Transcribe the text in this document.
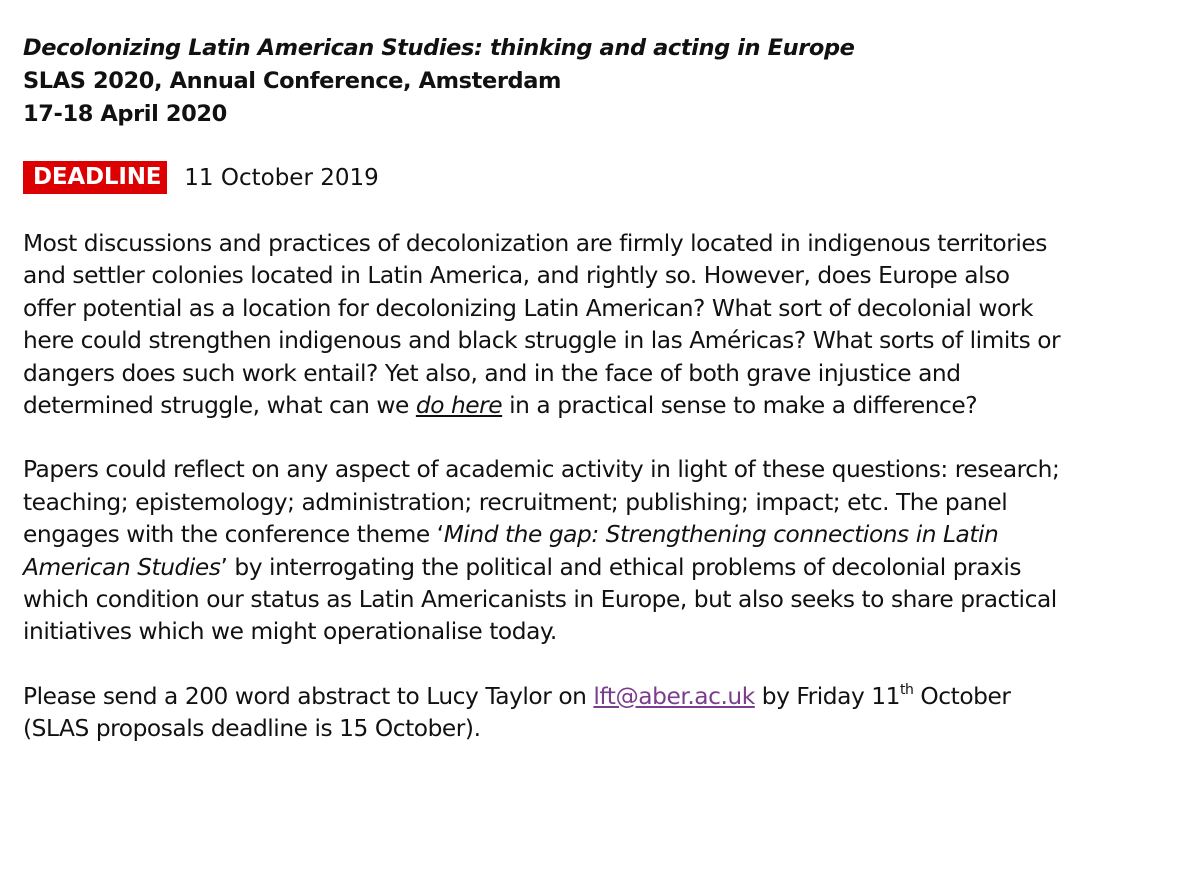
Decolonizing Latin American Studies: thinking and acting in Europe
SLAS 2020, Annual Conference, Amsterdam
17-18 April 2020
DEADLINE 11 October 2019

Most discussions and practices of decolonization are firmly located in indigenous territories
and settler colonies located in Latin America, and rightly so. However, does Europe also
offer potential as a location for decolonizing Latin American? What sort of decolonial work
here could strengthen indigenous and black struggle in las Américas? What sorts of limits or
dangers does such work entail? Yet also, and in the face of both grave injustice and
determined struggle, what can we do here in a practical sense to make a difference?

Papers could reflect on any aspect of academic activity in light of these questions: research;
teaching; epistemology; administration; recruitment; publishing; impact; etc. The panel
engages with the conference theme ‘Mind the gap: Strengthening connections in Latin
American Studies’ by interrogating the political and ethical problems of decolonial praxis
which condition our status as Latin Americanists in Europe, but also seeks to share practical
initiatives which we might operationalise today.

Please send a 200 word abstract to Lucy Taylor on lft@aber.ac.uk by Friday 11th October
(SLAS proposals deadline is 15 October).
